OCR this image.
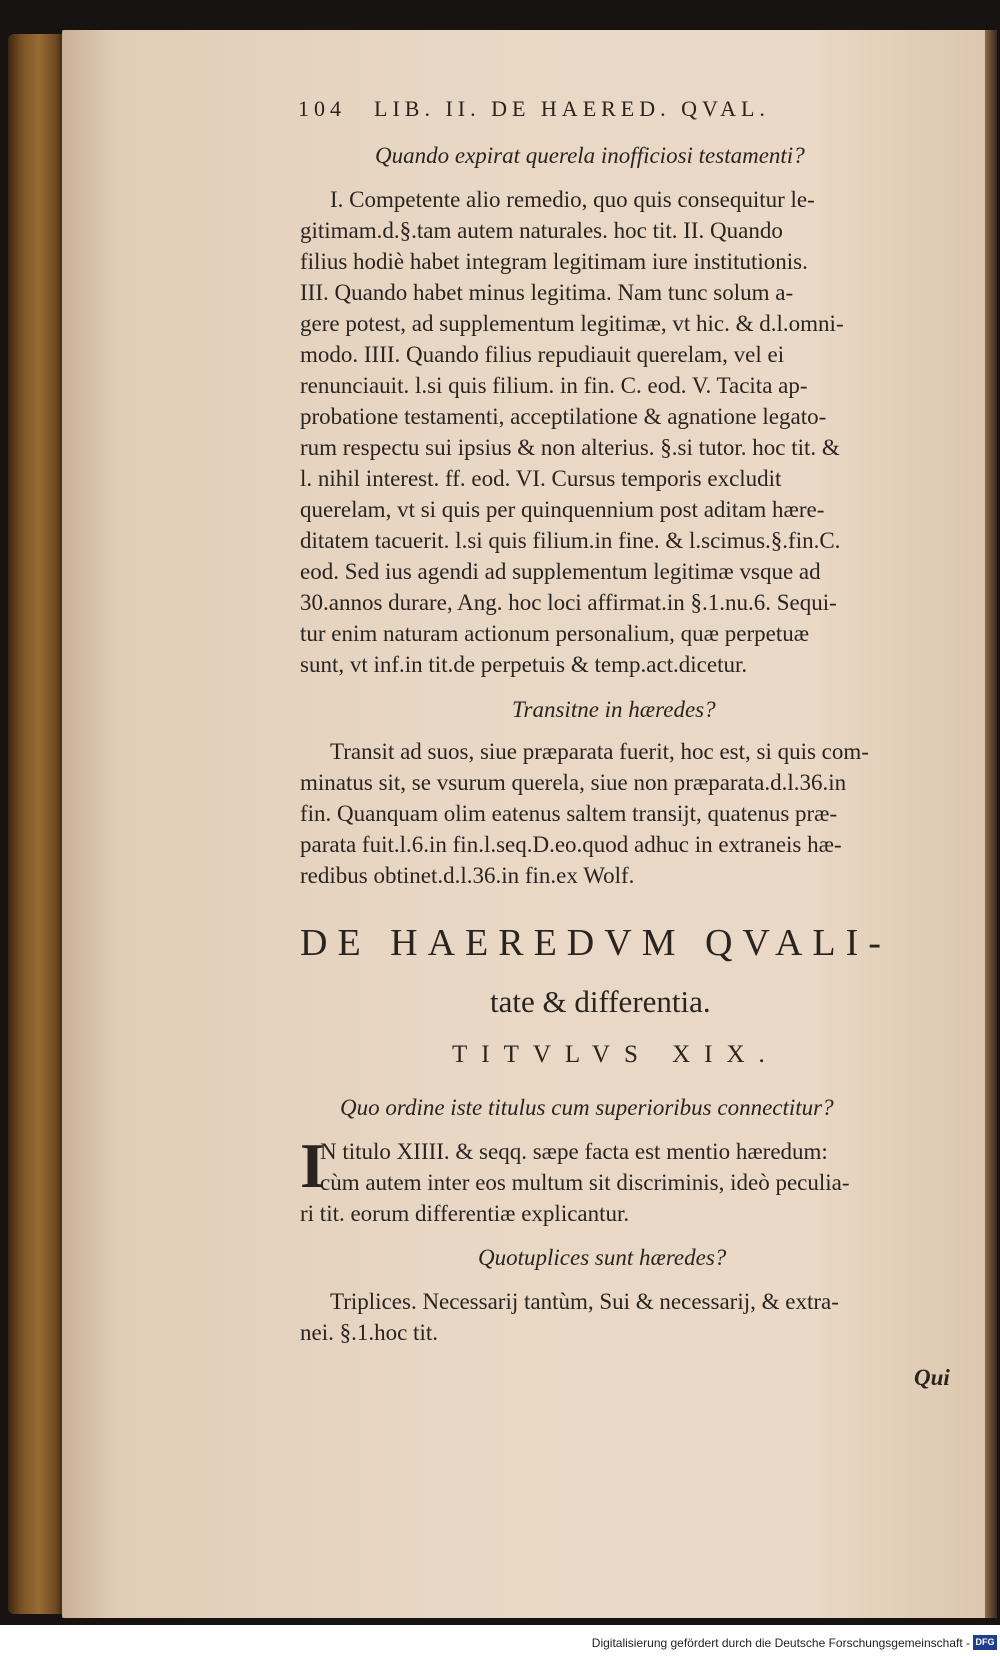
104 LIB. II. DE HAERED. QVAL.
Quando expirat querela inofficiosi testamenti?
I. Competente alio remedio, quo quis consequitur le-
gitimam.d.§.tam autem naturales. hoc tit. II. Quando
filius hodiè habet integram legitimam iure institutionis.
III. Quando habet minus legitima. Nam tunc solum a-
gere potest, ad supplementum legitimæ, vt hic. & d.l.omni-
modo. IIII. Quando filius repudiauit querelam, vel ei
renunciauit. l.si quis filium. in fin. C. eod. V. Tacita ap-
probatione testamenti, acceptilatione & agnatione legato-
rum respectu sui ipsius & non alterius. §.si tutor. hoc tit. &
l. nihil interest. ff. eod. VI. Cursus temporis excludit
querelam, vt si quis per quinquennium post aditam hære-
ditatem tacuerit. l.si quis filium.in fine. & l.scimus.§.fin.C.
eod. Sed ius agendi ad supplementum legitimæ vsque ad
30.annos durare, Ang. hoc loci affirmat.in §.1.nu.6. Sequi-
tur enim naturam actionum personalium, quæ perpetuæ
sunt, vt inf.in tit.de perpetuis & temp.act.dicetur.
Transitne in hæredes?
Transit ad suos, siue præparata fuerit, hoc est, si quis com-
minatus sit, se vsurum querela, siue non præparata.d.l.36.in
fin. Quanquam olim eatenus saltem transijt, quatenus præ-
parata fuit.l.6.in fin.l.seq.D.eo.quod adhuc in extraneis hæ-
redibus obtinet.d.l.36.in fin.ex Wolf.
DE HAEREDVM QVALI-
tate & differentia.
TITVLVS XIX.
Quo ordine iste titulus cum superioribus connectitur?
I
N titulo XIIII. & seqq. sæpe facta est mentio hæredum:
cùm autem inter eos multum sit discriminis, ideò peculia-
ri tit. eorum differentiæ explicantur.
Quotuplices sunt hæredes?
Triplices. Necessarij tantùm, Sui & necessarij, & extra-
nei. §.1.hoc tit.
Qui
Digitalisierung gefördert durch die Deutsche Forschungsgemeinschaft - DFG
